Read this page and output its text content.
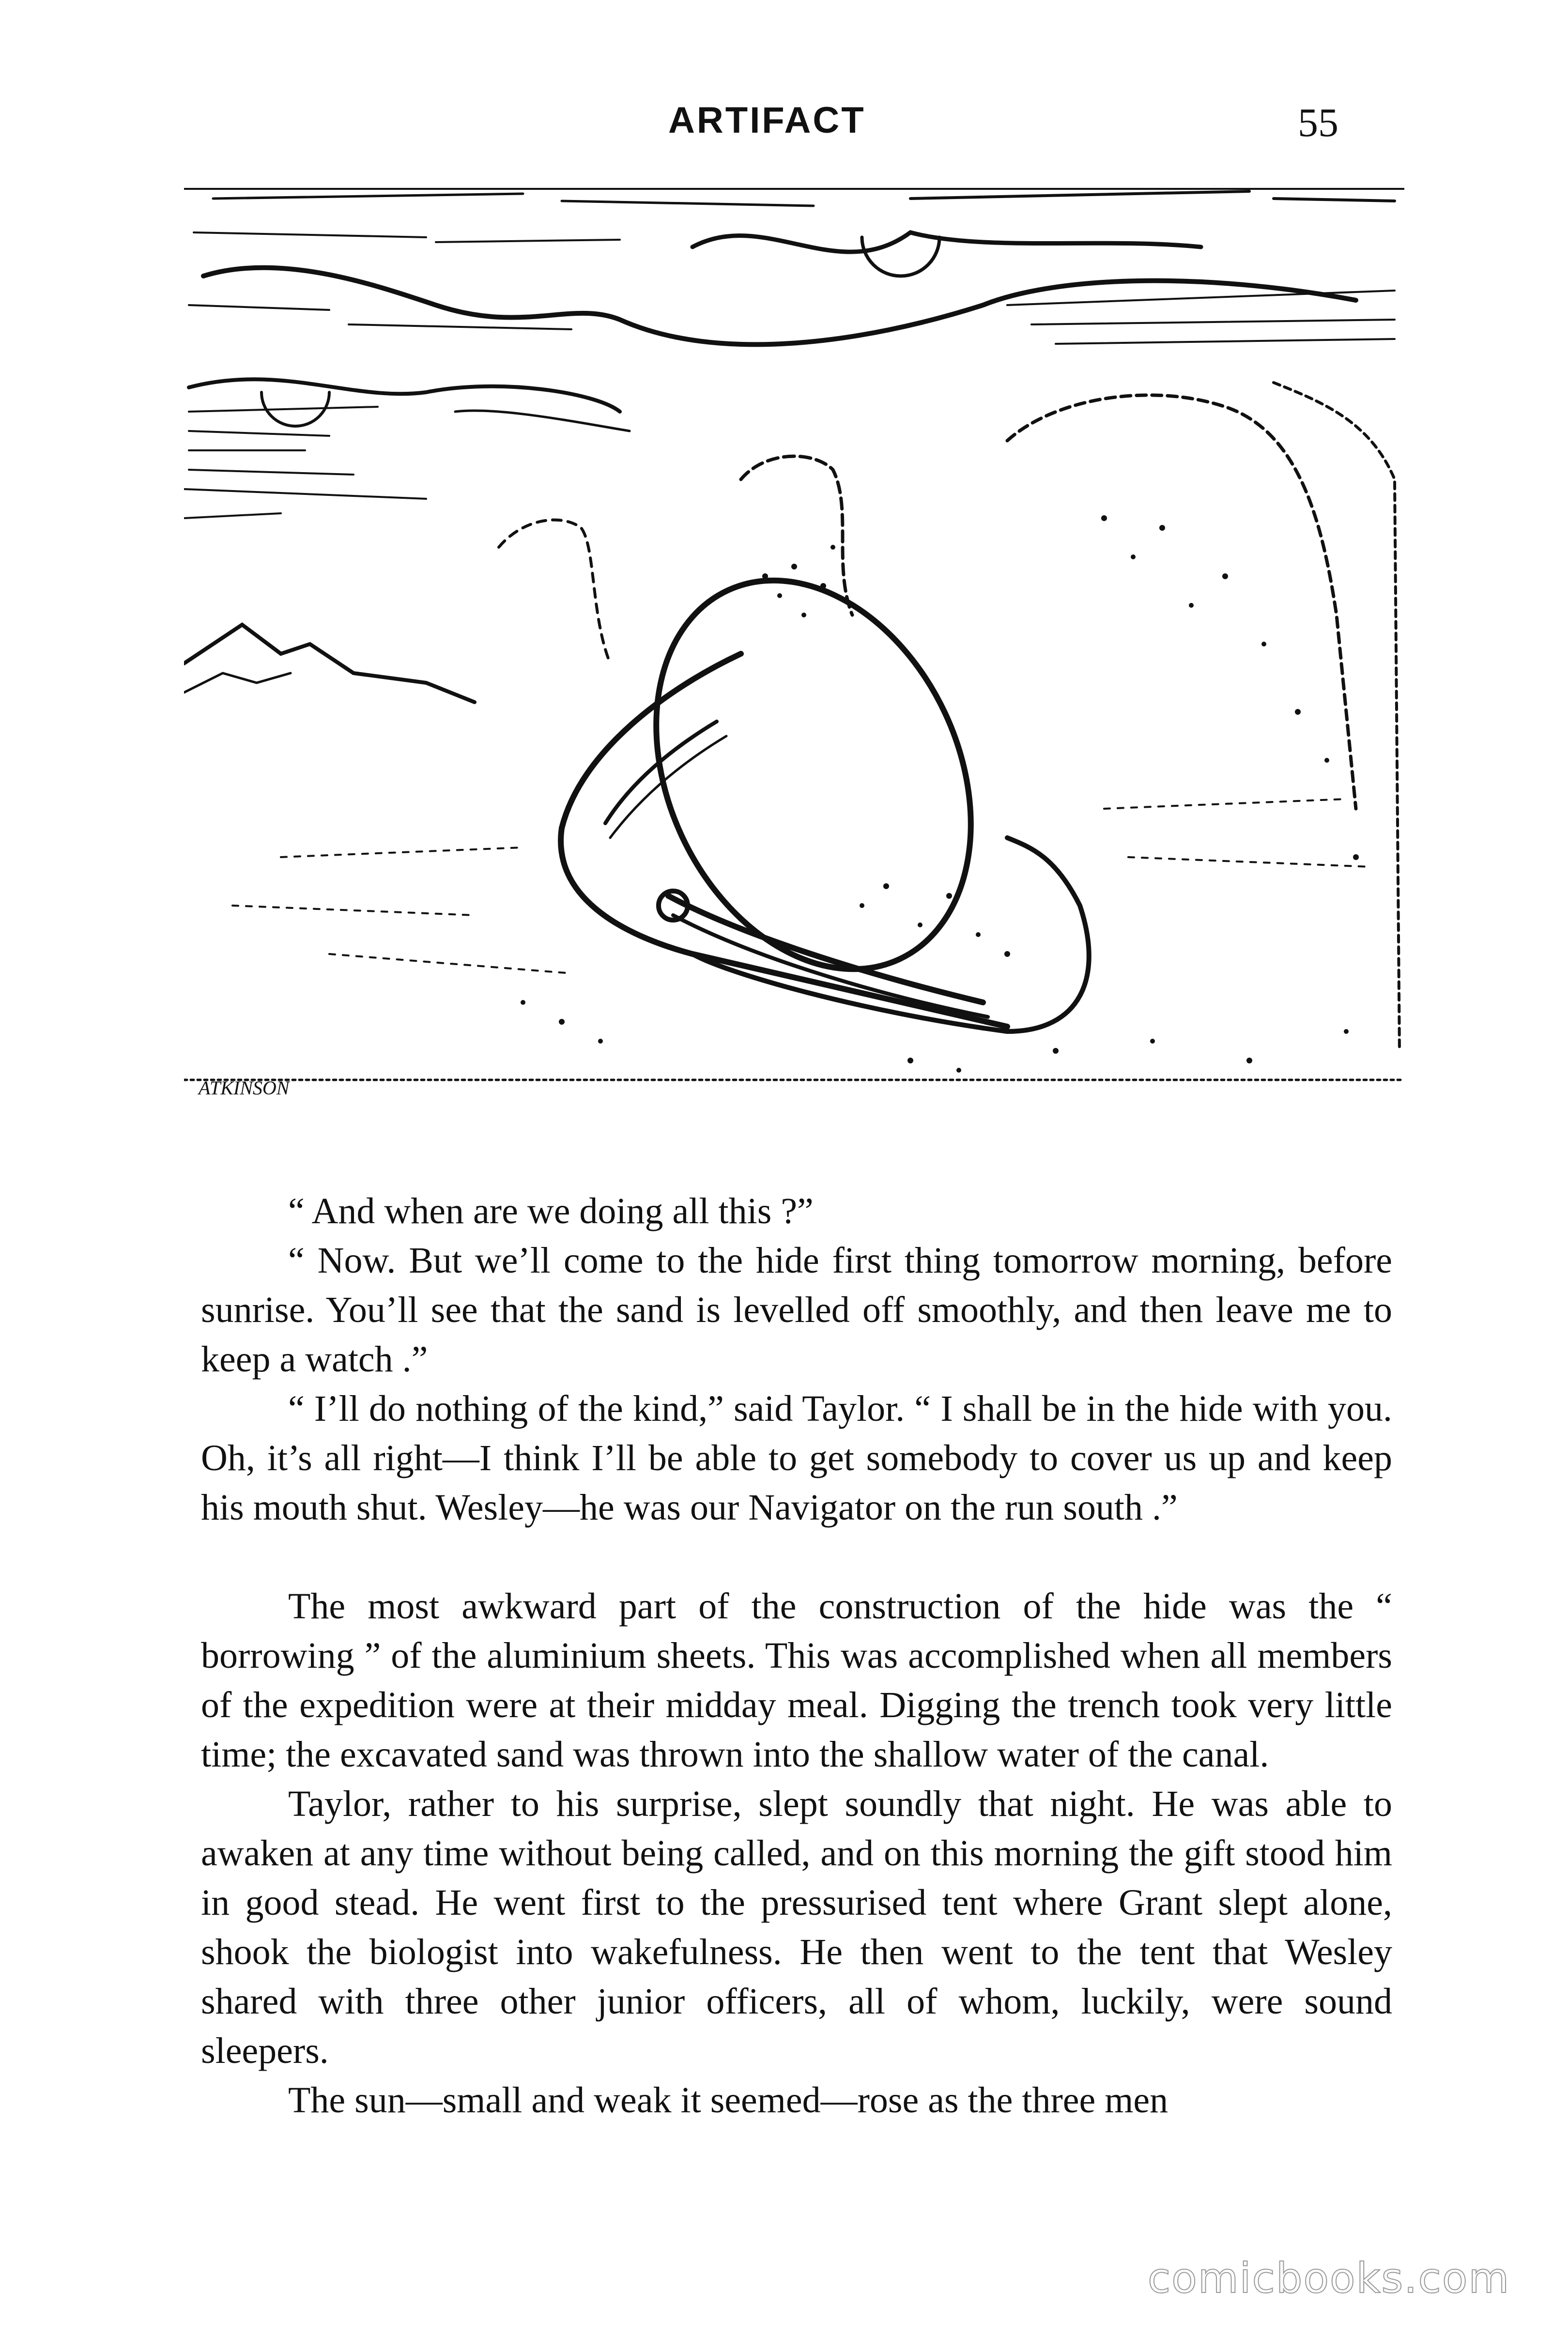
ARTIFACT	55
ATKINSON

“ And when are we doing all this ?”

“ Now. But we’ll come to the hide first thing tomorrow morning, before sunrise. You’ll see that the sand is levelled off smoothly, and then leave me to keep a watch .”

“ I’ll do nothing of the kind,” said Taylor. “ I shall be in the hide with you. Oh, it’s all right—I think I’ll be able to get somebody to cover us up and keep his mouth shut. Wesley—he was our Navigator on the run south .”

The most awkward part of the construction of the hide was the “ borrowing ” of the aluminium sheets. This was accomplished when all members of the expedition were at their midday meal. Digging the trench took very little time; the excavated sand was thrown into the shallow water of the canal.

Taylor, rather to his surprise, slept soundly that night. He was able to awaken at any time without being called, and on this morning the gift stood him in good stead. He went first to the pressurised tent where Grant slept alone, shook the biologist into wakefulness. He then went to the tent that Wesley shared with three other junior officers, all of whom, luckily, were sound sleepers.

The sun—small and weak it seemed—rose as the three men

comicbooks.com
